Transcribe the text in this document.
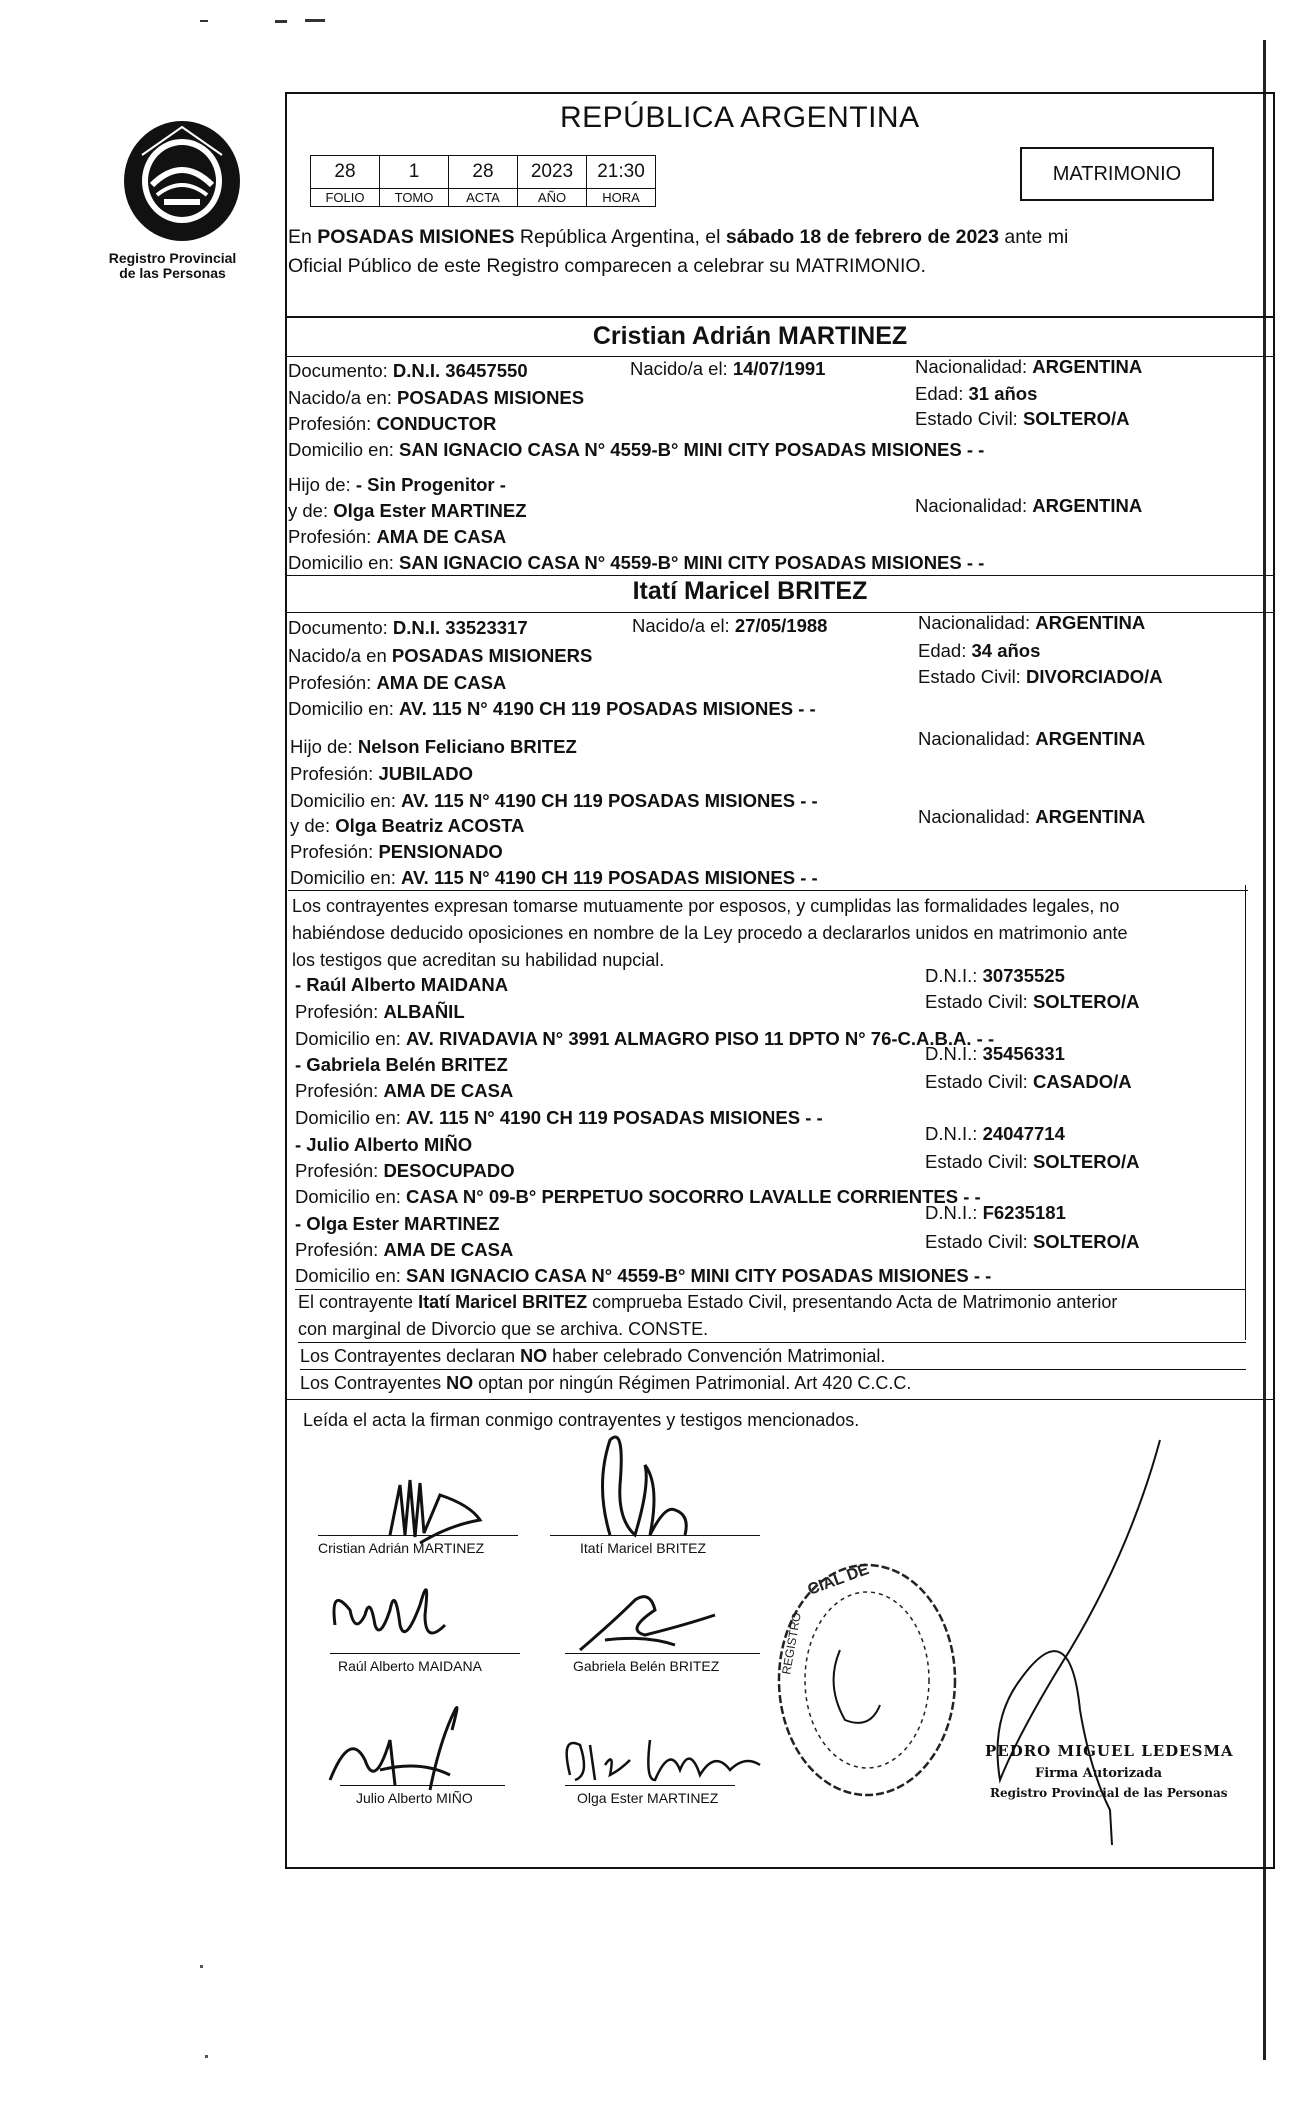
Registro Provincial
de las Personas
REPÚBLICA ARGENTINA
28	1	28	2023	21:30
FOLIO	TOMO	ACTA	AÑO	HORA
MATRIMONIO
En POSADAS MISIONES República Argentina, el sábado 18 de febrero de 2023 ante mi
Oficial Público de este Registro comparecen a celebrar su MATRIMONIO.
Cristian Adrián MARTINEZ
Documento: D.N.I. 36457550	Nacido/a el: 14/07/1991	Nacionalidad: ARGENTINA
Nacido/a en: POSADAS MISIONES	Edad: 31 años
Profesión: CONDUCTOR	Estado Civil: SOLTERO/A
Domicilio en: SAN IGNACIO CASA N° 4559-B° MINI CITY POSADAS MISIONES - -
Hijo de: - Sin Progenitor -
y de: Olga Ester MARTINEZ	Nacionalidad: ARGENTINA
Profesión: AMA DE CASA
Domicilio en: SAN IGNACIO CASA N° 4559-B° MINI CITY POSADAS MISIONES - -
Itatí Maricel BRITEZ
Documento: D.N.I. 33523317	Nacido/a el: 27/05/1988	Nacionalidad: ARGENTINA
Nacido/a en POSADAS MISIONERS	Edad: 34 años
Profesión: AMA DE CASA	Estado Civil: DIVORCIADO/A
Domicilio en: AV. 115 N° 4190 CH 119 POSADAS MISIONES - -
Hijo de: Nelson Feliciano BRITEZ	Nacionalidad: ARGENTINA
Profesión: JUBILADO
Domicilio en: AV. 115 N° 4190 CH 119 POSADAS MISIONES - -
y de: Olga Beatriz ACOSTA	Nacionalidad: ARGENTINA
Profesión: PENSIONADO
Domicilio en: AV. 115 N° 4190 CH 119 POSADAS MISIONES - -
Los contrayentes expresan tomarse mutuamente por esposos, y cumplidas las formalidades legales, no
habiéndose deducido oposiciones en nombre de la Ley procedo a declararlos unidos en matrimonio ante
los testigos que acreditan su habilidad nupcial.
- Raúl Alberto MAIDANA	D.N.I.: 30735525
Profesión: ALBAÑIL	Estado Civil: SOLTERO/A
Domicilio en: AV. RIVADAVIA N° 3991 ALMAGRO PISO 11 DPTO N° 76-C.A.B.A. - -
- Gabriela Belén BRITEZ
D.N.I.: 35456331
Profesión: AMA DE CASA	Estado Civil: CASADO/A
Domicilio en: AV. 115 N° 4190 CH 119 POSADAS MISIONES - -
- Julio Alberto MIÑO
D.N.I.: 24047714
Profesión: DESOCUPADO	Estado Civil: SOLTERO/A
Domicilio en: CASA N° 09-B° PERPETUO SOCORRO LAVALLE CORRIENTES - -
- Olga Ester MARTINEZ
D.N.I.: F6235181
Profesión: AMA DE CASA	Estado Civil: SOLTERO/A
Domicilio en: SAN IGNACIO CASA N° 4559-B° MINI CITY POSADAS MISIONES - -
El contrayente Itatí Maricel BRITEZ comprueba Estado Civil, presentando Acta de Matrimonio anterior
con marginal de Divorcio que se archiva. CONSTE.
Los Contrayentes declaran NO haber celebrado Convención Matrimonial.
Los Contrayentes NO optan por ningún Régimen Patrimonial. Art 420 C.C.C.
Leída el acta la firman conmigo contrayentes y testigos mencionados.
Cristian Adrián MARTINEZ	Itatí Maricel BRITEZ
Raúl Alberto MAIDANA	Gabriela Belén BRITEZ
Julio Alberto MIÑO	Olga Ester MARTINEZ
CIAL DE
REGISTRO
PEDRO MIGUEL LEDESMA
Firma Autorizada
Registro Provincial de las Personas
